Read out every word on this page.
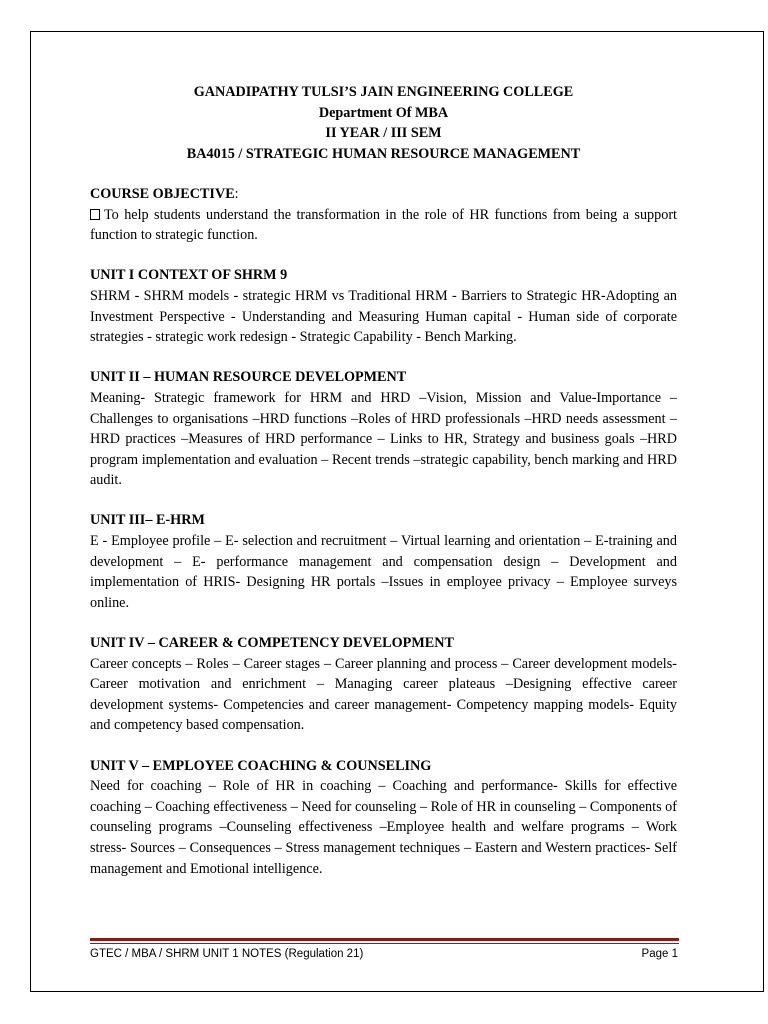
GANADIPATHY TULSI’S JAIN ENGINEERING COLLEGE
Department Of MBA
II YEAR / III SEM
BA4015 / STRATEGIC HUMAN RESOURCE MANAGEMENT
COURSE OBJECTIVE:
To help students understand the transformation in the role of HR functions from being a support function to strategic function.
UNIT I CONTEXT OF SHRM 9
SHRM - SHRM models - strategic HRM vs Traditional HRM - Barriers to Strategic HR-Adopting an Investment Perspective - Understanding and Measuring Human capital - Human side of corporate strategies - strategic work redesign - Strategic Capability - Bench Marking.
UNIT II – HUMAN RESOURCE DEVELOPMENT
Meaning- Strategic framework for HRM and HRD –Vision, Mission and Value-Importance – Challenges to organisations –HRD functions –Roles of HRD professionals –HRD needs assessment –HRD practices –Measures of HRD performance – Links to HR, Strategy and business goals –HRD program implementation and evaluation – Recent trends –strategic capability, bench marking and HRD audit.
UNIT III– E-HRM
E - Employee profile – E- selection and recruitment – Virtual learning and orientation – E-training and development – E- performance management and compensation design – Development and implementation of HRIS- Designing HR portals –Issues in employee privacy – Employee surveys online.
UNIT IV – CAREER & COMPETENCY DEVELOPMENT
Career concepts – Roles – Career stages – Career planning and process – Career development models- Career motivation and enrichment – Managing career plateaus –Designing effective career development systems- Competencies and career management- Competency mapping models- Equity and competency based compensation.
UNIT V – EMPLOYEE COACHING & COUNSELING
Need for coaching – Role of HR in coaching – Coaching and performance- Skills for effective coaching – Coaching effectiveness – Need for counseling – Role of HR in counseling – Components of counseling programs –Counseling effectiveness –Employee health and welfare programs – Work stress- Sources – Consequences – Stress management techniques – Eastern and Western practices- Self management and Emotional intelligence.
GTEC / MBA / SHRM UNIT 1 NOTES (Regulation 21)	Page 1
